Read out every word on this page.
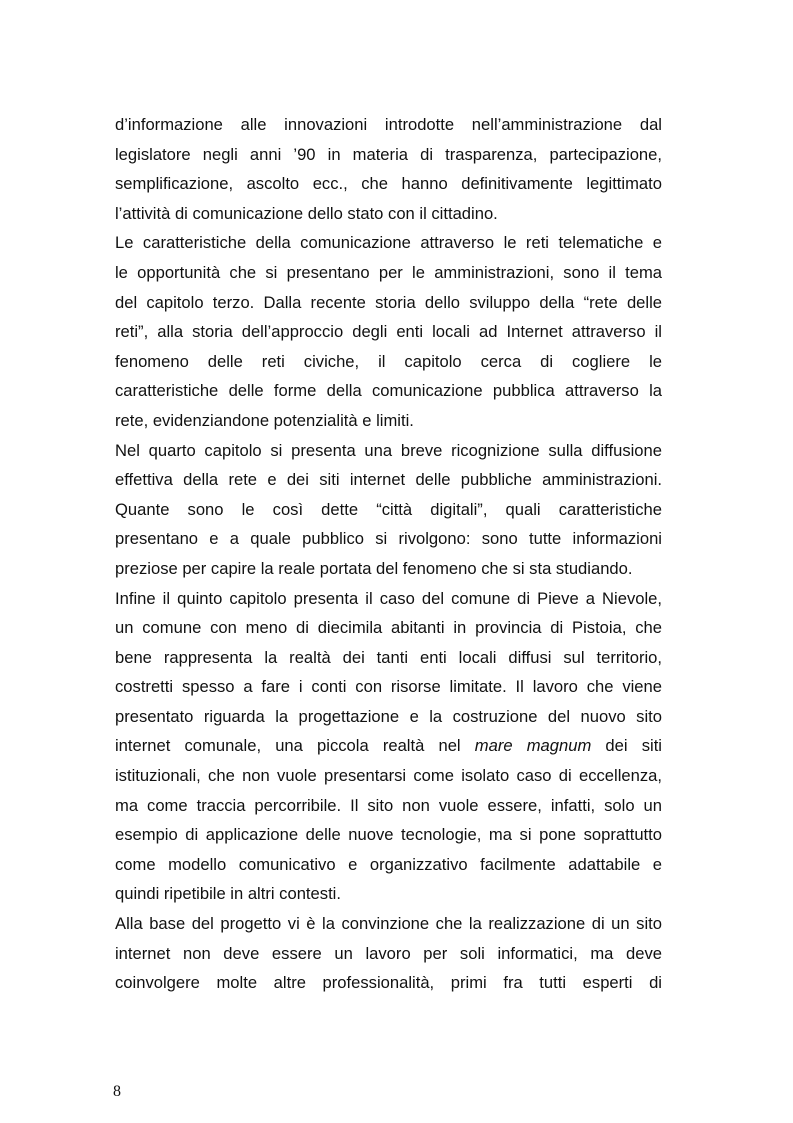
d’informazione alle innovazioni introdotte nell’amministrazione dal
legislatore negli anni ’90 in materia di trasparenza, partecipazione,
semplificazione, ascolto ecc., che hanno definitivamente legittimato
l’attività di comunicazione dello stato con il cittadino.
Le caratteristiche della comunicazione attraverso le reti telematiche e
le opportunità che si presentano per le amministrazioni, sono il tema
del capitolo terzo. Dalla recente storia dello sviluppo della “rete delle
reti”, alla storia dell’approccio degli enti locali ad Internet attraverso il
fenomeno delle reti civiche, il capitolo cerca di cogliere le
caratteristiche delle forme della comunicazione pubblica attraverso la
rete, evidenziandone potenzialità e limiti.
Nel quarto capitolo si presenta una breve ricognizione sulla diffusione
effettiva della rete e dei siti internet delle pubbliche amministrazioni.
Quante sono le così dette “città digitali”, quali caratteristiche
presentano e a quale pubblico si rivolgono: sono tutte informazioni
preziose per capire la reale portata del fenomeno che si sta studiando.
Infine il quinto capitolo presenta il caso del comune di Pieve a Nievole,
un comune con meno di diecimila abitanti in provincia di Pistoia, che
bene rappresenta la realtà dei tanti enti locali diffusi sul territorio,
costretti spesso a fare i conti con risorse limitate. Il lavoro che viene
presentato riguarda la progettazione e la costruzione del nuovo sito
internet comunale, una piccola realtà nel mare magnum dei siti
istituzionali, che non vuole presentarsi come isolato caso di eccellenza,
ma come traccia percorribile. Il sito non vuole essere, infatti, solo un
esempio di applicazione delle nuove tecnologie, ma si pone soprattutto
come modello comunicativo e organizzativo facilmente adattabile e
quindi ripetibile in altri contesti.
Alla base del progetto vi è la convinzione che la realizzazione di un sito
internet non deve essere un lavoro per soli informatici, ma deve
coinvolgere molte altre professionalità, primi fra tutti esperti di
8
